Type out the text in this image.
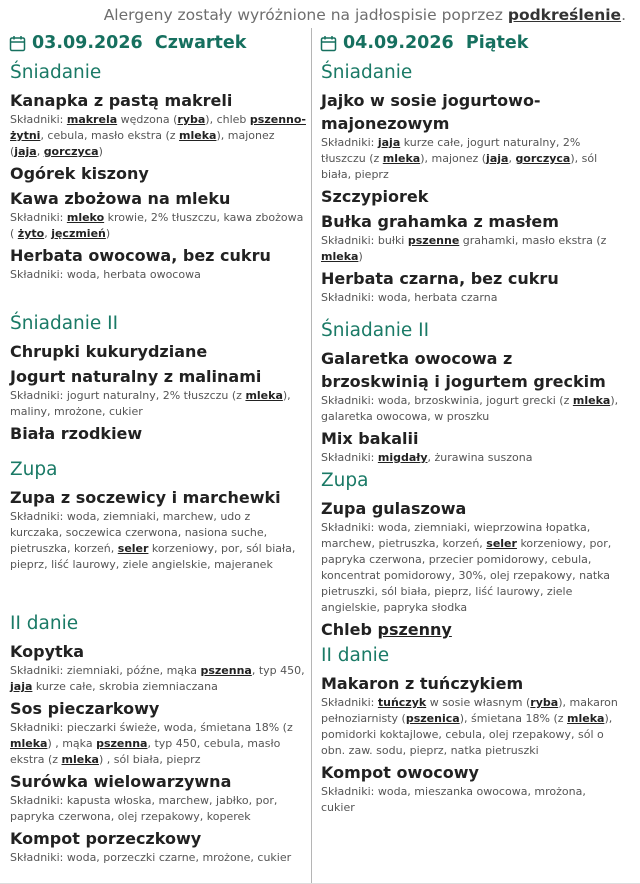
Alergeny zostały wyróżnione na jadłospisie poprzez podkreślenie.
03.09.2026  Czwartek
Śniadanie
Kanapka z pastą makreli
Składniki: makrela wędzona (ryba), chleb pszenno-żytni, cebula, masło ekstra (z mleka), majonez (jaja, gorczyca)
Ogórek kiszony
Kawa zbożowa na mleku
Składniki: mleko krowie, 2% tłuszczu, kawa zbożowa ( żyto, jęczmień)
Herbata owocowa, bez cukru
Składniki: woda, herbata owocowa
Śniadanie II
Chrupki kukurydziane
Jogurt naturalny z malinami
Składniki: jogurt naturalny, 2% tłuszczu (z mleka), maliny, mrożone, cukier
Biała rzodkiew
Zupa
Zupa z soczewicy i marchewki
Składniki: woda, ziemniaki, marchew, udo z kurczaka, soczewica czerwona, nasiona suche, pietruszka, korzeń, seler korzeniowy, por, sól biała, pieprz, liść laurowy, ziele angielskie, majeranek
II danie
Kopytka
Składniki: ziemniaki, późne, mąka pszenna, typ 450, jaja kurze całe, skrobia ziemniaczana
Sos pieczarkowy
Składniki: pieczarki świeże, woda, śmietana 18% (z mleka) , mąka pszenna, typ 450, cebula, masło ekstra (z mleka) , sól biała, pieprz
Surówka wielowarzywna
Składniki: kapusta włoska, marchew, jabłko, por, papryka czerwona, olej rzepakowy, koperek
Kompot porzeczkowy
Składniki: woda, porzeczki czarne, mrożone, cukier
04.09.2026  Piątek
Śniadanie
Jajko w sosie jogurtowo-majonezowym
Składniki: jaja kurze całe, jogurt naturalny, 2% tłuszczu (z mleka), majonez (jaja, gorczyca), sól biała, pieprz
Szczypiorek
Bułka grahamka z masłem
Składniki: bułki pszenne grahamki, masło ekstra (z mleka)
Herbata czarna, bez cukru
Składniki: woda, herbata czarna
Śniadanie II
Galaretka owocowa z brzoskwinią i jogurtem greckim
Składniki: woda, brzoskwinia, jogurt grecki (z mleka), galaretka owocowa, w proszku
Mix bakalii
Składniki: migdały, żurawina suszona
Zupa
Zupa gulaszowa
Składniki: woda, ziemniaki, wieprzowina łopatka, marchew, pietruszka, korzeń, seler korzeniowy, por, papryka czerwona, przecier pomidorowy, cebula, koncentrat pomidorowy, 30%, olej rzepakowy, natka pietruszki, sól biała, pieprz, liść laurowy, ziele angielskie, papryka słodka
Chleb pszenny
II danie
Makaron z tuńczykiem
Składniki: tuńczyk w sosie własnym (ryba), makaron pełnoziarnisty (pszenica), śmietana 18% (z mleka), pomidorki koktajlowe, cebula, olej rzepakowy, sól o obn. zaw. sodu, pieprz, natka pietruszki
Kompot owocowy
Składniki: woda, mieszanka owocowa, mrożona, cukier
